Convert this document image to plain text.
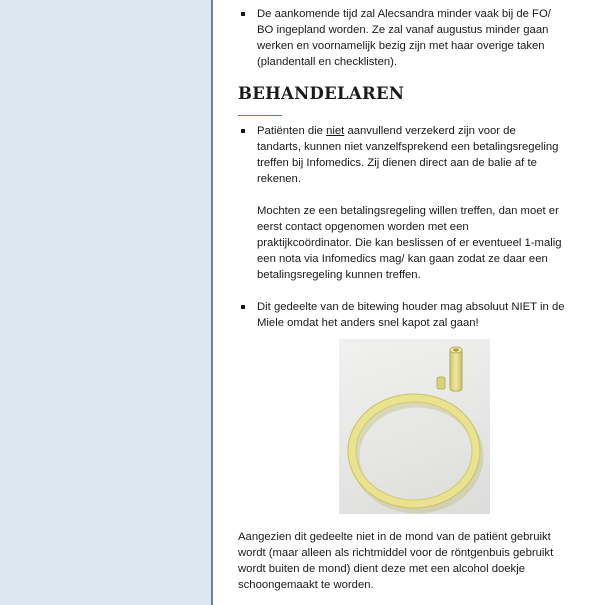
De aankomende tijd zal Alecsandra minder vaak bij de FO/
BO ingepland worden. Ze zal vanaf augustus minder gaan
werken en voornamelijk bezig zijn met haar overige taken
(plandentall en checklisten).
BEHANDELAREN
Patiënten die niet aanvullend verzekerd zijn voor de
tandarts, kunnen niet vanzelfsprekend een betalingsregeling
treffen bij Infomedics. Zij dienen direct aan de balie af te
rekenen.
Mochten ze een betalingsregeling willen treffen, dan moet er
eerst contact opgenomen worden met een
praktijkcoördinator. Die kan beslissen of er eventueel 1-malig
een nota via Infomedics mag/ kan gaan zodat ze daar een
betalingsregeling kunnen treffen.
Dit gedeelte van de bitewing houder mag absoluut NIET in de
Miele omdat het anders snel kapot zal gaan!
Aangezien dit gedeelte niet in de mond van de patiënt gebruikt
wordt (maar alleen als richtmiddel voor de röntgenbuis gebruikt
wordt buiten de mond) dient deze met een alcohol doekje
schoongemaakt te worden.
